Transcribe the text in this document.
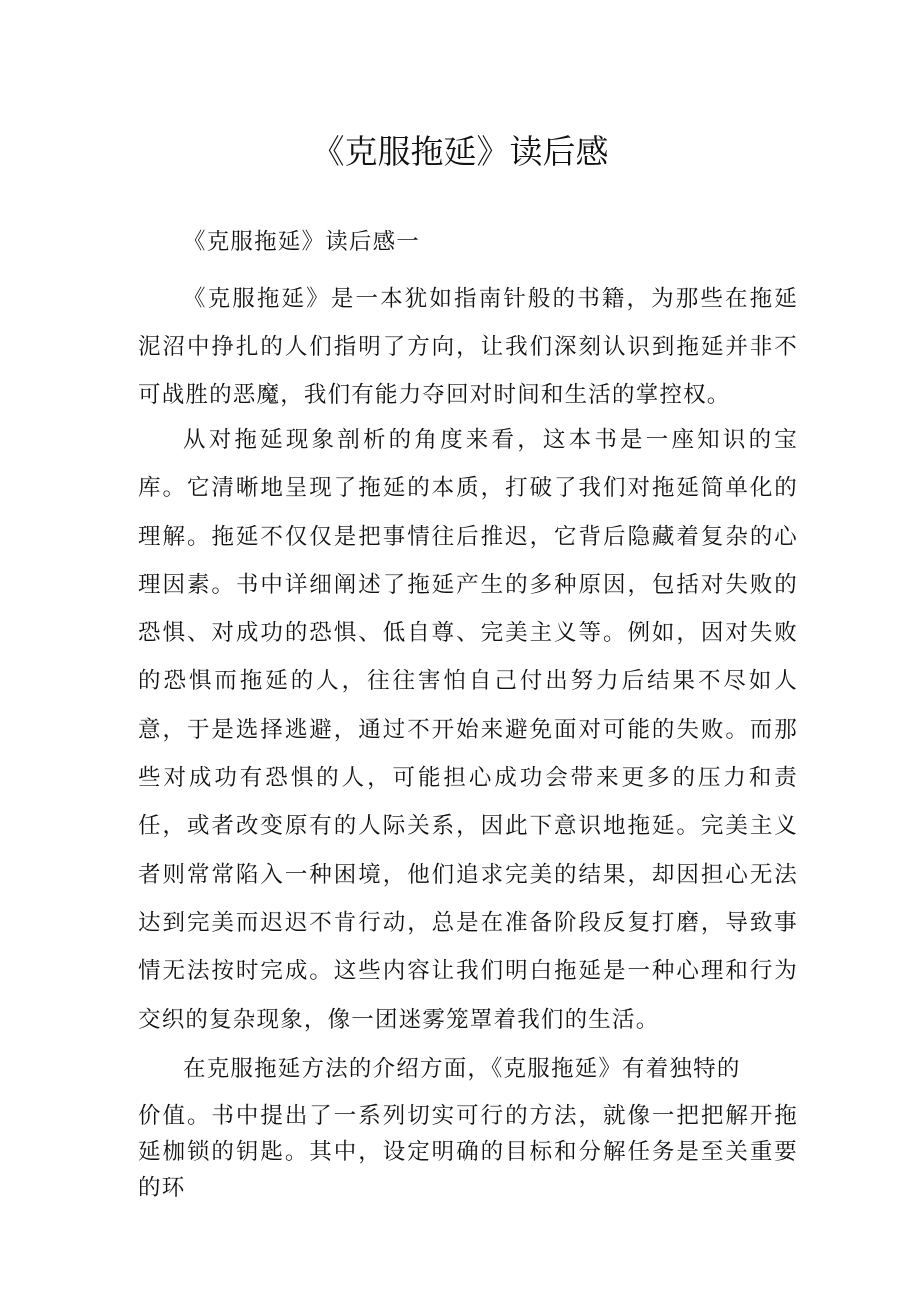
《克服拖延》读后感

《克服拖延》读后感一

《克服拖延》是一本犹如指南针般的书籍，为那些在拖延泥沼中挣扎的人们指明了方向，让我们深刻认识到拖延并非不可战胜的恶魔，我们有能力夺回对时间和生活的掌控权。

从对拖延现象剖析的角度来看，这本书是一座知识的宝库。它清晰地呈现了拖延的本质，打破了我们对拖延简单化的理解。拖延不仅仅是把事情往后推迟，它背后隐藏着复杂的心理因素。书中详细阐述了拖延产生的多种原因，包括对失败的恐惧、对成功的恐惧、低自尊、完美主义等。例如，因对失败的恐惧而拖延的人，往往害怕自己付出努力后结果不尽如人意，于是选择逃避，通过不开始来避免面对可能的失败。而那些对成功有恐惧的人，可能担心成功会带来更多的压力和责任，或者改变原有的人际关系，因此下意识地拖延。完美主义者则常常陷入一种困境，他们追求完美的结果，却因担心无法达到完美而迟迟不肯行动，总是在准备阶段反复打磨，导致事情无法按时完成。这些内容让我们明白拖延是一种心理和行为交织的复杂现象，像一团迷雾笼罩着我们的生活。

在克服拖延方法的介绍方面，《克服拖延》有着独特的

价值。书中提出了一系列切实可行的方法，就像一把把解开拖延枷锁的钥匙。其中，设定明确的目标和分解任务是至关重要的环
